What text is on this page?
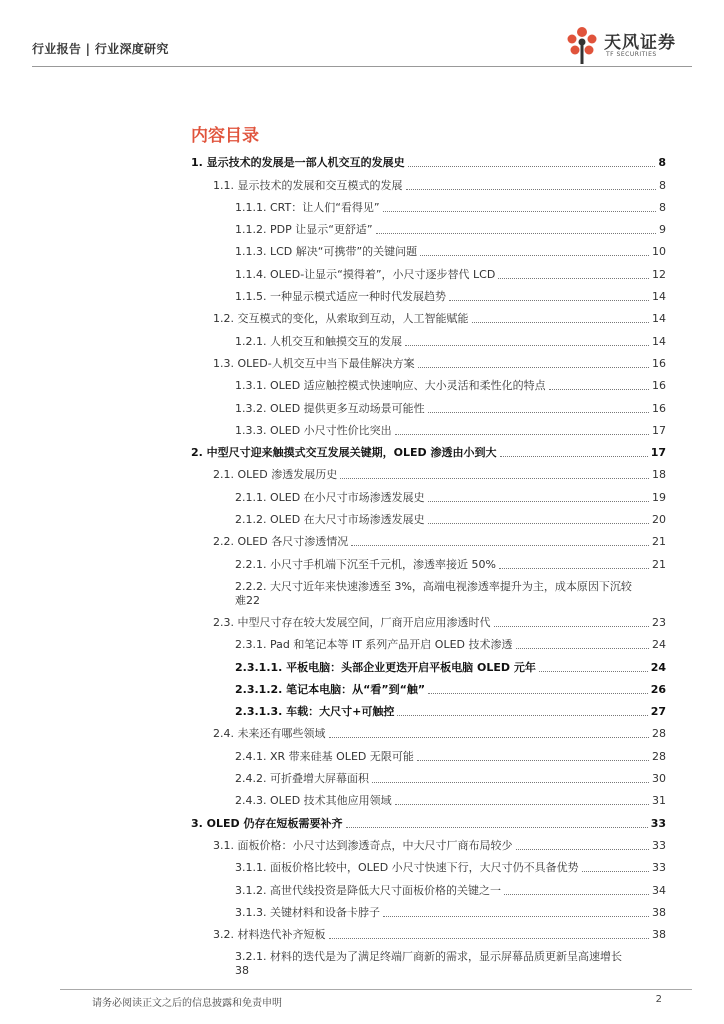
行业报告 | 行业深度研究	天风证券
TF SECURITIES
内容目录
1. 显示技术的发展是一部人机交互的发展史	8
1.1. 显示技术的发展和交互模式的发展	8
1.1.1. CRT：让人们“看得见”	8
1.1.2. PDP 让显示“更舒适”	9
1.1.3. LCD 解决“可携带”的关键问题	10
1.1.4. OLED-让显示“摸得着”，小尺寸逐步替代 LCD	12
1.1.5. 一种显示模式适应一种时代发展趋势	14
1.2. 交互模式的变化，从索取到互动，人工智能赋能	14
1.2.1. 人机交互和触摸交互的发展	14
1.3. OLED-人机交互中当下最佳解决方案	16
1.3.1. OLED 适应触控模式快速响应、大小灵活和柔性化的特点	16
1.3.2. OLED 提供更多互动场景可能性	16
1.3.3. OLED 小尺寸性价比突出	17
2. 中型尺寸迎来触摸式交互发展关键期，OLED 渗透由小到大	17
2.1. OLED 渗透发展历史	18
2.1.1. OLED 在小尺寸市场渗透发展史	19
2.1.2. OLED 在大尺寸市场渗透发展史	20
2.2. OLED 各尺寸渗透情况	21
2.2.1. 小尺寸手机端下沉至千元机，渗透率接近 50%	21
2.2.2. 大尺寸近年来快速渗透至 3%，高端电视渗透率提升为主，成本原因下沉较
难 22
2.3. 中型尺寸存在较大发展空间，厂商开启应用渗透时代	23
2.3.1. Pad 和笔记本等 IT 系列产品开启 OLED 技术渗透	24
2.3.1.1. 平板电脑：头部企业更迭开启平板电脑 OLED 元年	24
2.3.1.2. 笔记本电脑：从“看”到“触”	26
2.3.1.3. 车载：大尺寸+可触控	27
2.4. 未来还有哪些领域	28
2.4.1. XR 带来硅基 OLED 无限可能	28
2.4.2. 可折叠增大屏幕面积	30
2.4.3. OLED 技术其他应用领域	31
3. OLED 仍存在短板需要补齐	33
3.1. 面板价格：小尺寸达到渗透奇点，中大尺寸厂商布局较少	33
3.1.1. 面板价格比较中，OLED 小尺寸快速下行，大尺寸仍不具备优势	33
3.1.2. 高世代线投资是降低大尺寸面板价格的关键之一	34
3.1.3. 关键材料和设备卡脖子	38
3.2. 材料迭代补齐短板	38
3.2.1. 材料的迭代是为了满足终端厂商新的需求，显示屏幕品质更新呈高速增长
38
请务必阅读正文之后的信息披露和免责申明	2
